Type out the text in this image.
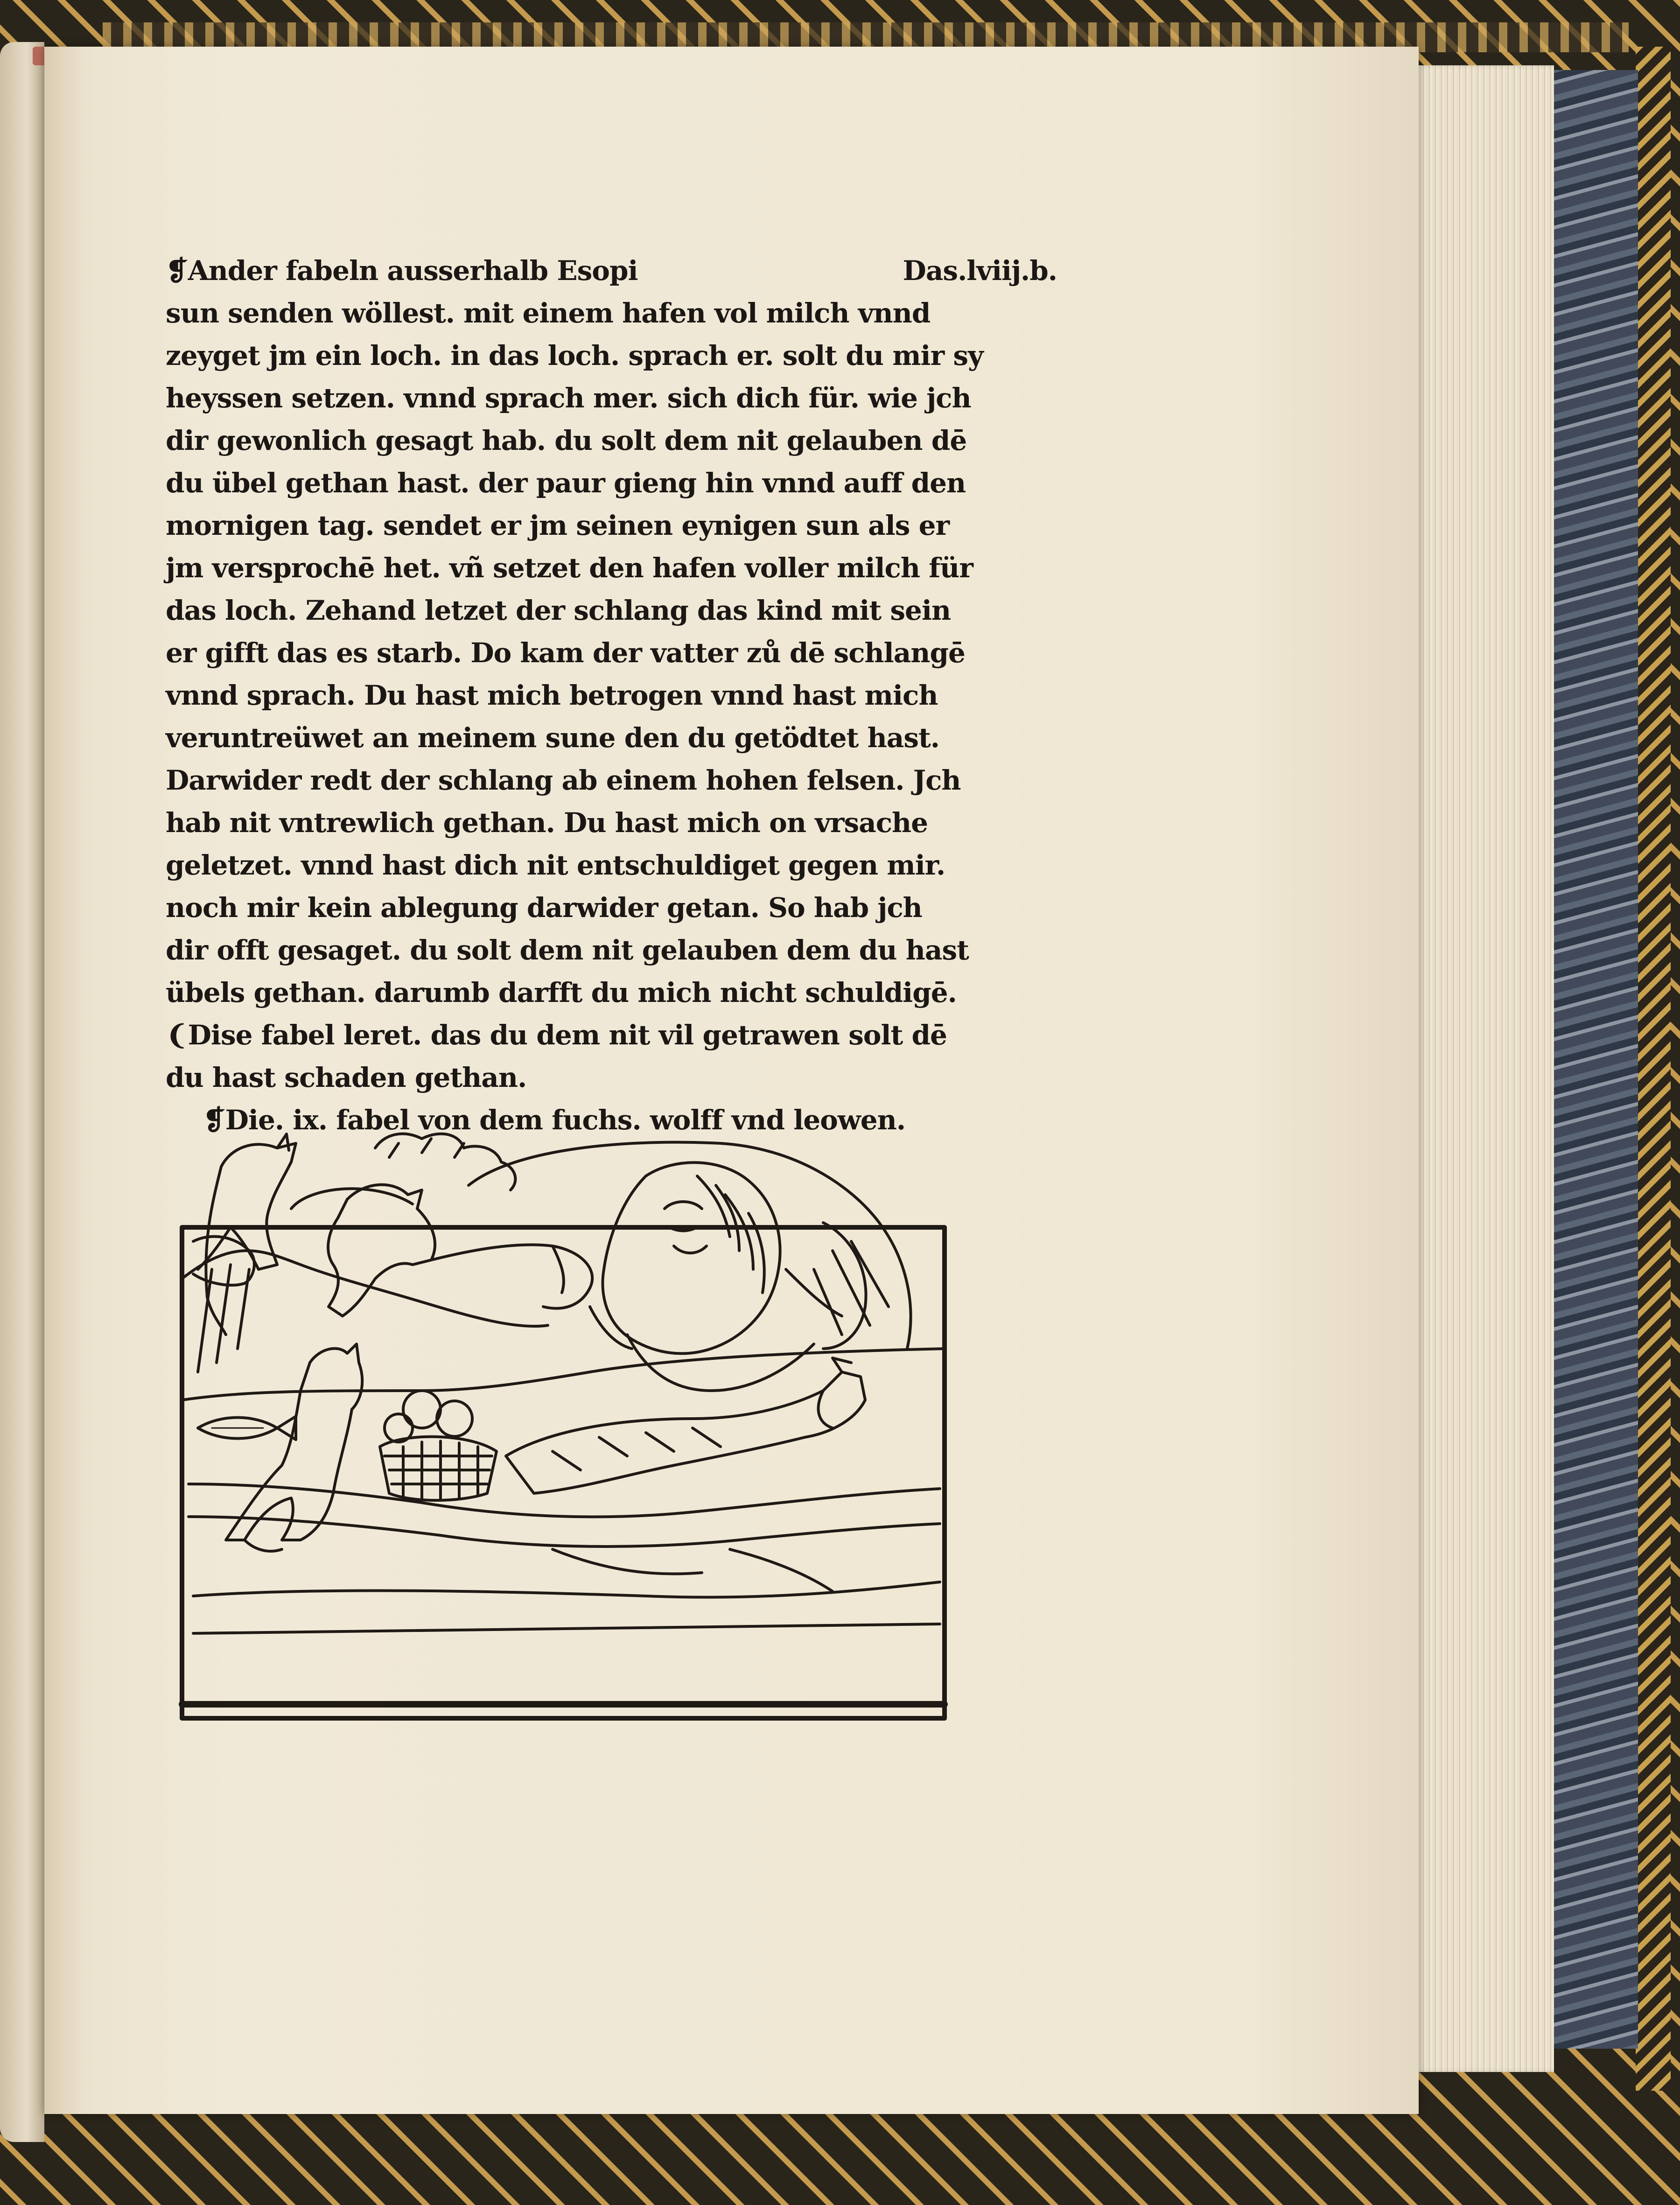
❡Ander fabeln ausserhalb Esopi	Das.lviij.b.
sun senden wöllest. mit einem hafen vol milch vnnd
zeyget jm ein loch. in das loch. sprach er. solt du mir sy
heyssen setzen. vnnd sprach mer. sich dich für. wie jch
dir gewonlich gesagt hab. du solt dem nit gelauben dē
du übel gethan hast. der paur gieng hin vnnd auff den
mornigen tag. sendet er jm seinen eynigen sun als er
jm versprochē het. vñ setzet den hafen voller milch für
das loch. Zehand letzet der schlang das kind mit sein
er gifft das es starb. Do kam der vatter zů dē schlangē
vnnd sprach. Du hast mich betrogen vnnd hast mich
veruntreüwet an meinem sune den du getödtet hast.
Darwider redt der schlang ab einem hohen felsen. Jch
hab nit vntrewlich gethan. Du hast mich on vrsache
geletzet. vnnd hast dich nit entschuldiget gegen mir.
noch mir kein ablegung darwider getan. So hab jch
dir offt gesaget. du solt dem nit gelauben dem du hast
übels gethan. darumb darfft du mich nicht schuldigē.
❨Dise fabel leret. das du dem nit vil getrawen solt dē
du hast schaden gethan.
❡Die. ix. fabel von dem fuchs. wolff vnd leowen.
